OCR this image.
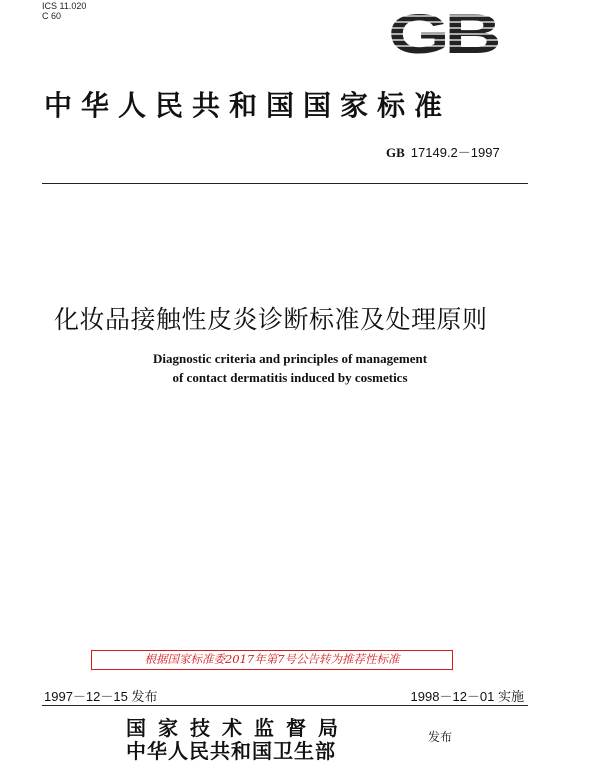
ICS 11.020
C 60	GB
中华人民共和国国家标准
GB 17149.2－1997
化妆品接触性皮炎诊断标准及处理原则
Diagnostic criteria and principles of management
of contact dermatitis induced by cosmetics
根据国家标准委2017年第7号公告转为推荐性标准
1997－12－15 发布	1998－12－01 实施
国家技术监督局
中华人民共和国卫生部
发布
